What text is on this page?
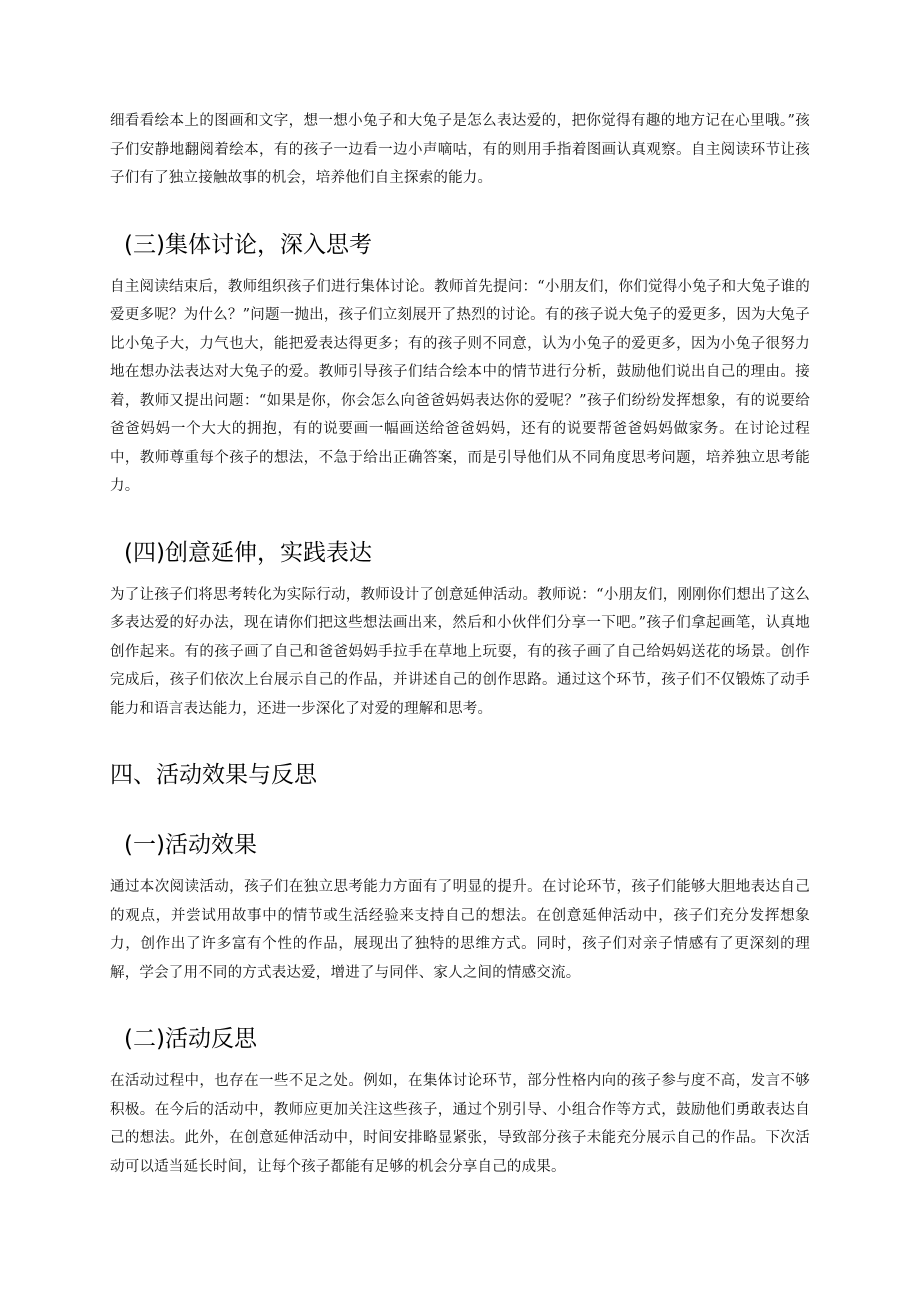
细看看绘本上的图画和文字，想一想小兔子和大兔子是怎么表达爱的，把你觉得有趣的地方记在心里哦。”孩子们安静地翻阅着绘本，有的孩子一边看一边小声嘀咕，有的则用手指着图画认真观察。自主阅读环节让孩子们有了独立接触故事的机会，培养他们自主探索的能力。

(三)集体讨论，深入思考

自主阅读结束后，教师组织孩子们进行集体讨论。教师首先提问：“小朋友们，你们觉得小兔子和大兔子谁的爱更多呢？为什么？”问题一抛出，孩子们立刻展开了热烈的讨论。有的孩子说大兔子的爱更多，因为大兔子比小兔子大，力气也大，能把爱表达得更多；有的孩子则不同意，认为小兔子的爱更多，因为小兔子很努力地在想办法表达对大兔子的爱。教师引导孩子们结合绘本中的情节进行分析，鼓励他们说出自己的理由。接着，教师又提出问题：“如果是你，你会怎么向爸爸妈妈表达你的爱呢？”孩子们纷纷发挥想象，有的说要给爸爸妈妈一个大大的拥抱，有的说要画一幅画送给爸爸妈妈，还有的说要帮爸爸妈妈做家务。在讨论过程中，教师尊重每个孩子的想法，不急于给出正确答案，而是引导他们从不同角度思考问题，培养独立思考能力。

(四)创意延伸，实践表达

为了让孩子们将思考转化为实际行动，教师设计了创意延伸活动。教师说：“小朋友们，刚刚你们想出了这么多表达爱的好办法，现在请你们把这些想法画出来，然后和小伙伴们分享一下吧。”孩子们拿起画笔，认真地创作起来。有的孩子画了自己和爸爸妈妈手拉手在草地上玩耍，有的孩子画了自己给妈妈送花的场景。创作完成后，孩子们依次上台展示自己的作品，并讲述自己的创作思路。通过这个环节，孩子们不仅锻炼了动手能力和语言表达能力，还进一步深化了对爱的理解和思考。

四、活动效果与反思
(一)活动效果

通过本次阅读活动，孩子们在独立思考能力方面有了明显的提升。在讨论环节，孩子们能够大胆地表达自己的观点，并尝试用故事中的情节或生活经验来支持自己的想法。在创意延伸活动中，孩子们充分发挥想象力，创作出了许多富有个性的作品，展现出了独特的思维方式。同时，孩子们对亲子情感有了更深刻的理解，学会了用不同的方式表达爱，增进了与同伴、家人之间的情感交流。

(二)活动反思

在活动过程中，也存在一些不足之处。例如，在集体讨论环节，部分性格内向的孩子参与度不高，发言不够积极。在今后的活动中，教师应更加关注这些孩子，通过个别引导、小组合作等方式，鼓励他们勇敢表达自己的想法。此外，在创意延伸活动中，时间安排略显紧张，导致部分孩子未能充分展示自己的作品。下次活动可以适当延长时间，让每个孩子都能有足够的机会分享自己的成果。
